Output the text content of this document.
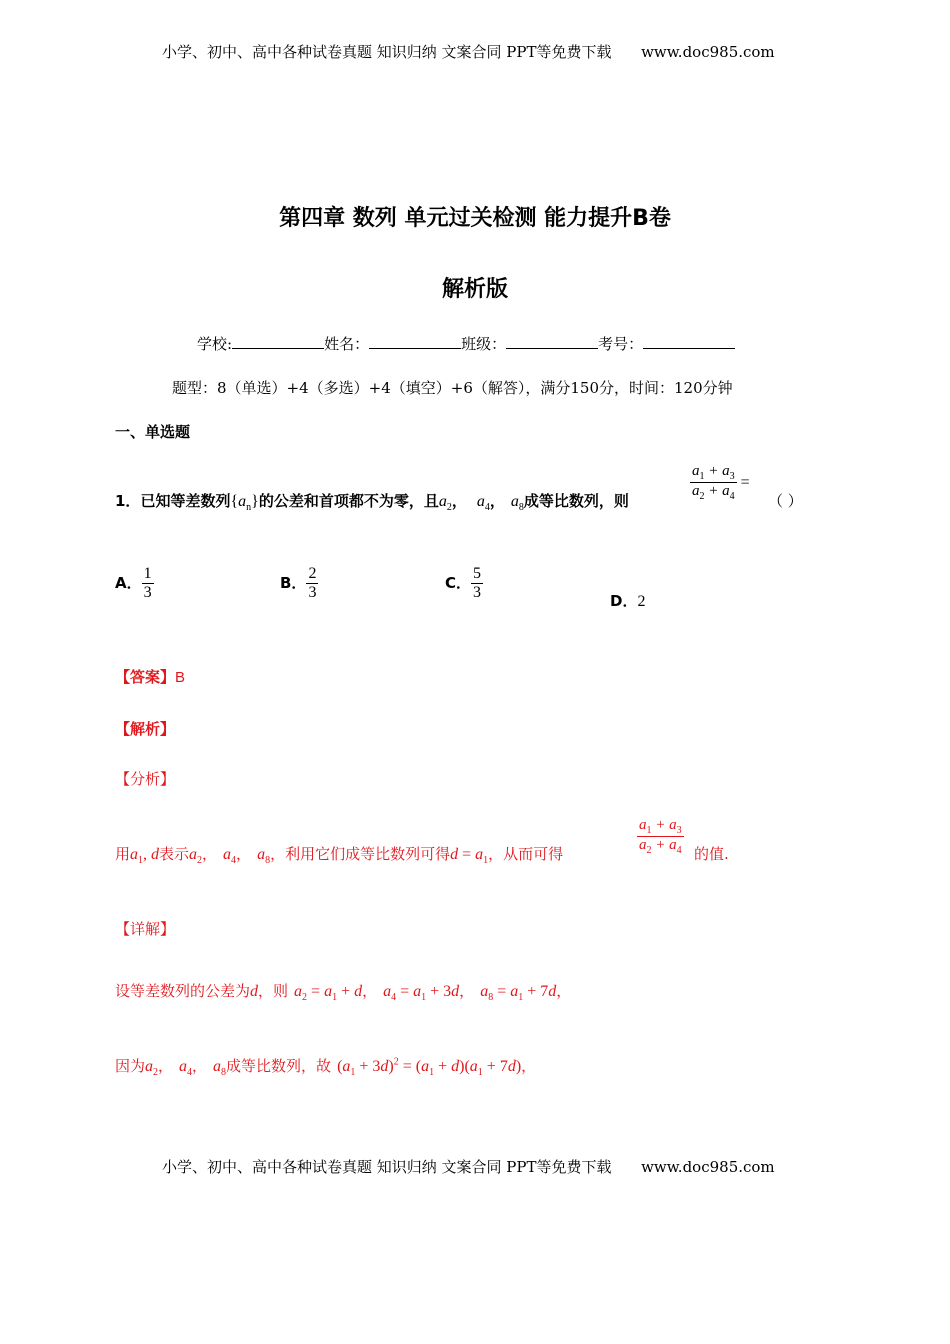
小学、初中、高中各种试卷真题 知识归纳 文案合同 PPT等免费下载 www.doc985.com
第四章 数列 单元过关检测 能力提升B卷
解析版
学校:	姓名：	班级：	考号：
题型：8（单选）+4（多选）+4（填空）+6（解答），满分150分，时间：120分钟
一、单选题
1．已知等差数列$\{a_n\}$的公差和首项都不为零，且$a_2$， $a_4$， $a_8$成等比数列，则	$\frac{a_1 + a_3}{a_2 + a_4}$ =
（ ）
A． $\frac{1}{3}$	B． $\frac{2}{3}$	C． $\frac{5}{3}$	D．2
【答案】B
【解析】
【分析】
用$a_1$, d表示$a_2$， $a_4$， $a_8$，利用它们成等比数列可得$d = a_1$，从而可得	$\frac{a_1 + a_3}{a_2 + a_4}$ 的值.
【详解】
设等差数列的公差为d，则 $a_2 = a_1 + d$， $a_4 = a_1 + 3d$， $a_8 = a_1 + 7d$，
因为$a_2$， $a_4$， $a_8$成等比数列，故 $(a_1 + 3d)^2 = (a_1 + d)(a_1 + 7d)$，
小学、初中、高中各种试卷真题 知识归纳 文案合同 PPT等免费下载 www.doc985.com
